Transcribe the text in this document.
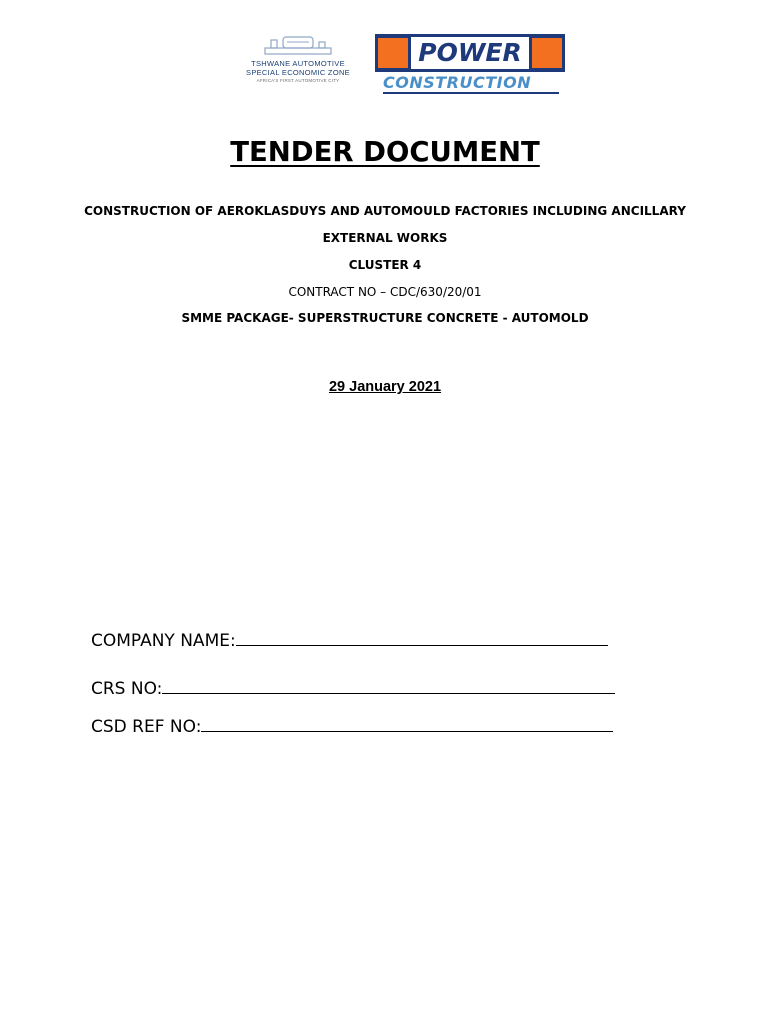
TSHWANE AUTOMOTIVE
SPECIAL ECONOMIC ZONE
AFRICA'S FIRST AUTOMOTIVE CITY
POWER
CONSTRUCTION
TENDER DOCUMENT
CONSTRUCTION OF AEROKLASDUYS AND AUTOMOULD FACTORIES INCLUDING ANCILLARY
EXTERNAL WORKS
CLUSTER 4
CONTRACT NO – CDC/630/20/01
SMME PACKAGE- SUPERSTRUCTURE CONCRETE - AUTOMOLD
29 January 2021
COMPANY NAME:
CRS NO:
CSD REF NO:
